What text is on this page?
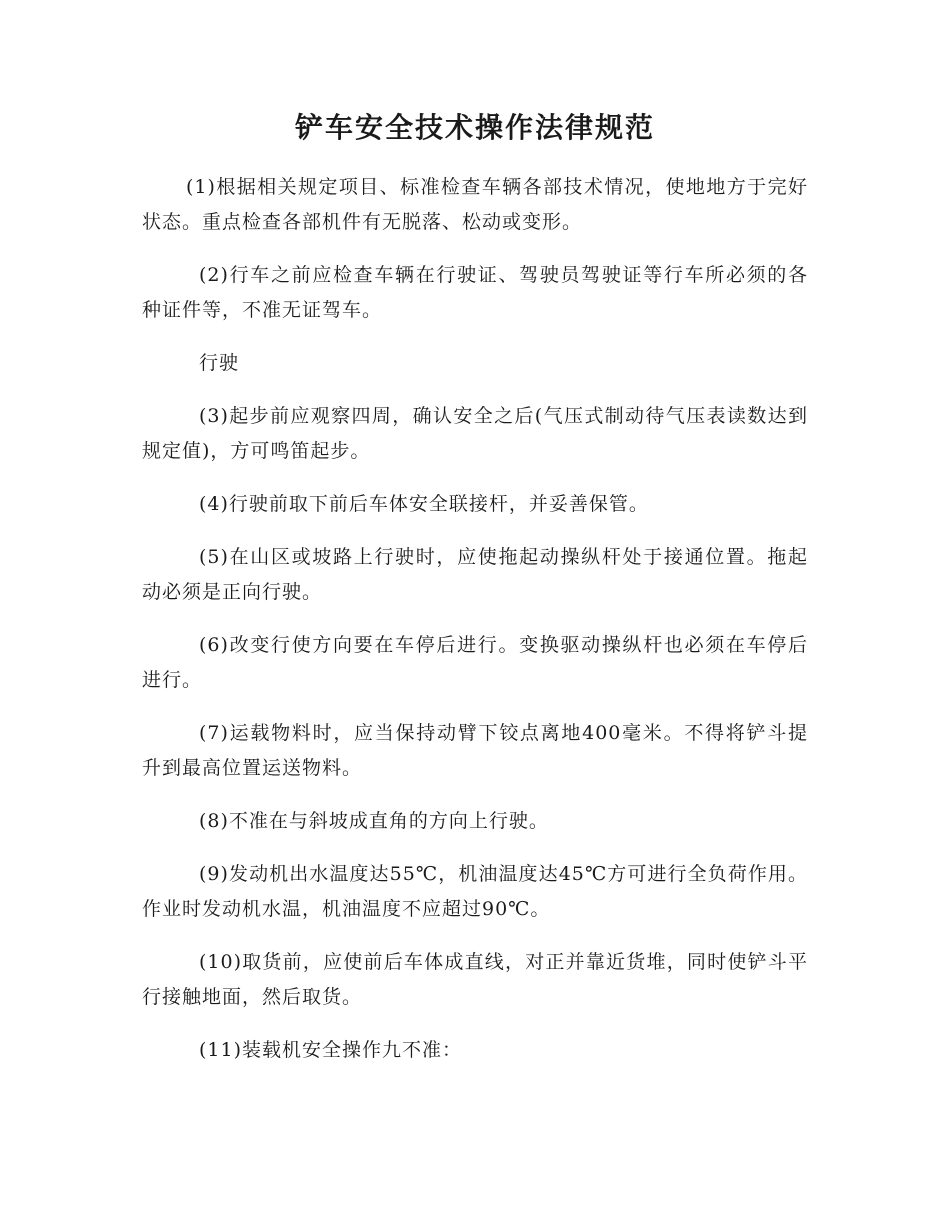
铲车安全技术操作法律规范

(1)根据相关规定项目、标准检查车辆各部技术情况，使地地方于完好状态。重点检查各部机件有无脱落、松动或变形。

(2)行车之前应检查车辆在行驶证、驾驶员驾驶证等行车所必须的各种证件等，不准无证驾车。

行驶

(3)起步前应观察四周，确认安全之后(气压式制动待气压表读数达到规定值)，方可鸣笛起步。

(4)行驶前取下前后车体安全联接杆，并妥善保管。

(5)在山区或坡路上行驶时，应使拖起动操纵杆处于接通位置。拖起动必须是正向行驶。

(6)改变行使方向要在车停后进行。变换驱动操纵杆也必须在车停后进行。

(7)运载物料时，应当保持动臂下铰点离地400毫米。不得将铲斗提升到最高位置运送物料。

(8)不准在与斜坡成直角的方向上行驶。

(9)发动机出水温度达55℃，机油温度达45℃方可进行全负荷作用。作业时发动机水温，机油温度不应超过90℃。

(10)取货前，应使前后车体成直线，对正并靠近货堆，同时使铲斗平行接触地面，然后取货。

(11)装载机安全操作九不准：
